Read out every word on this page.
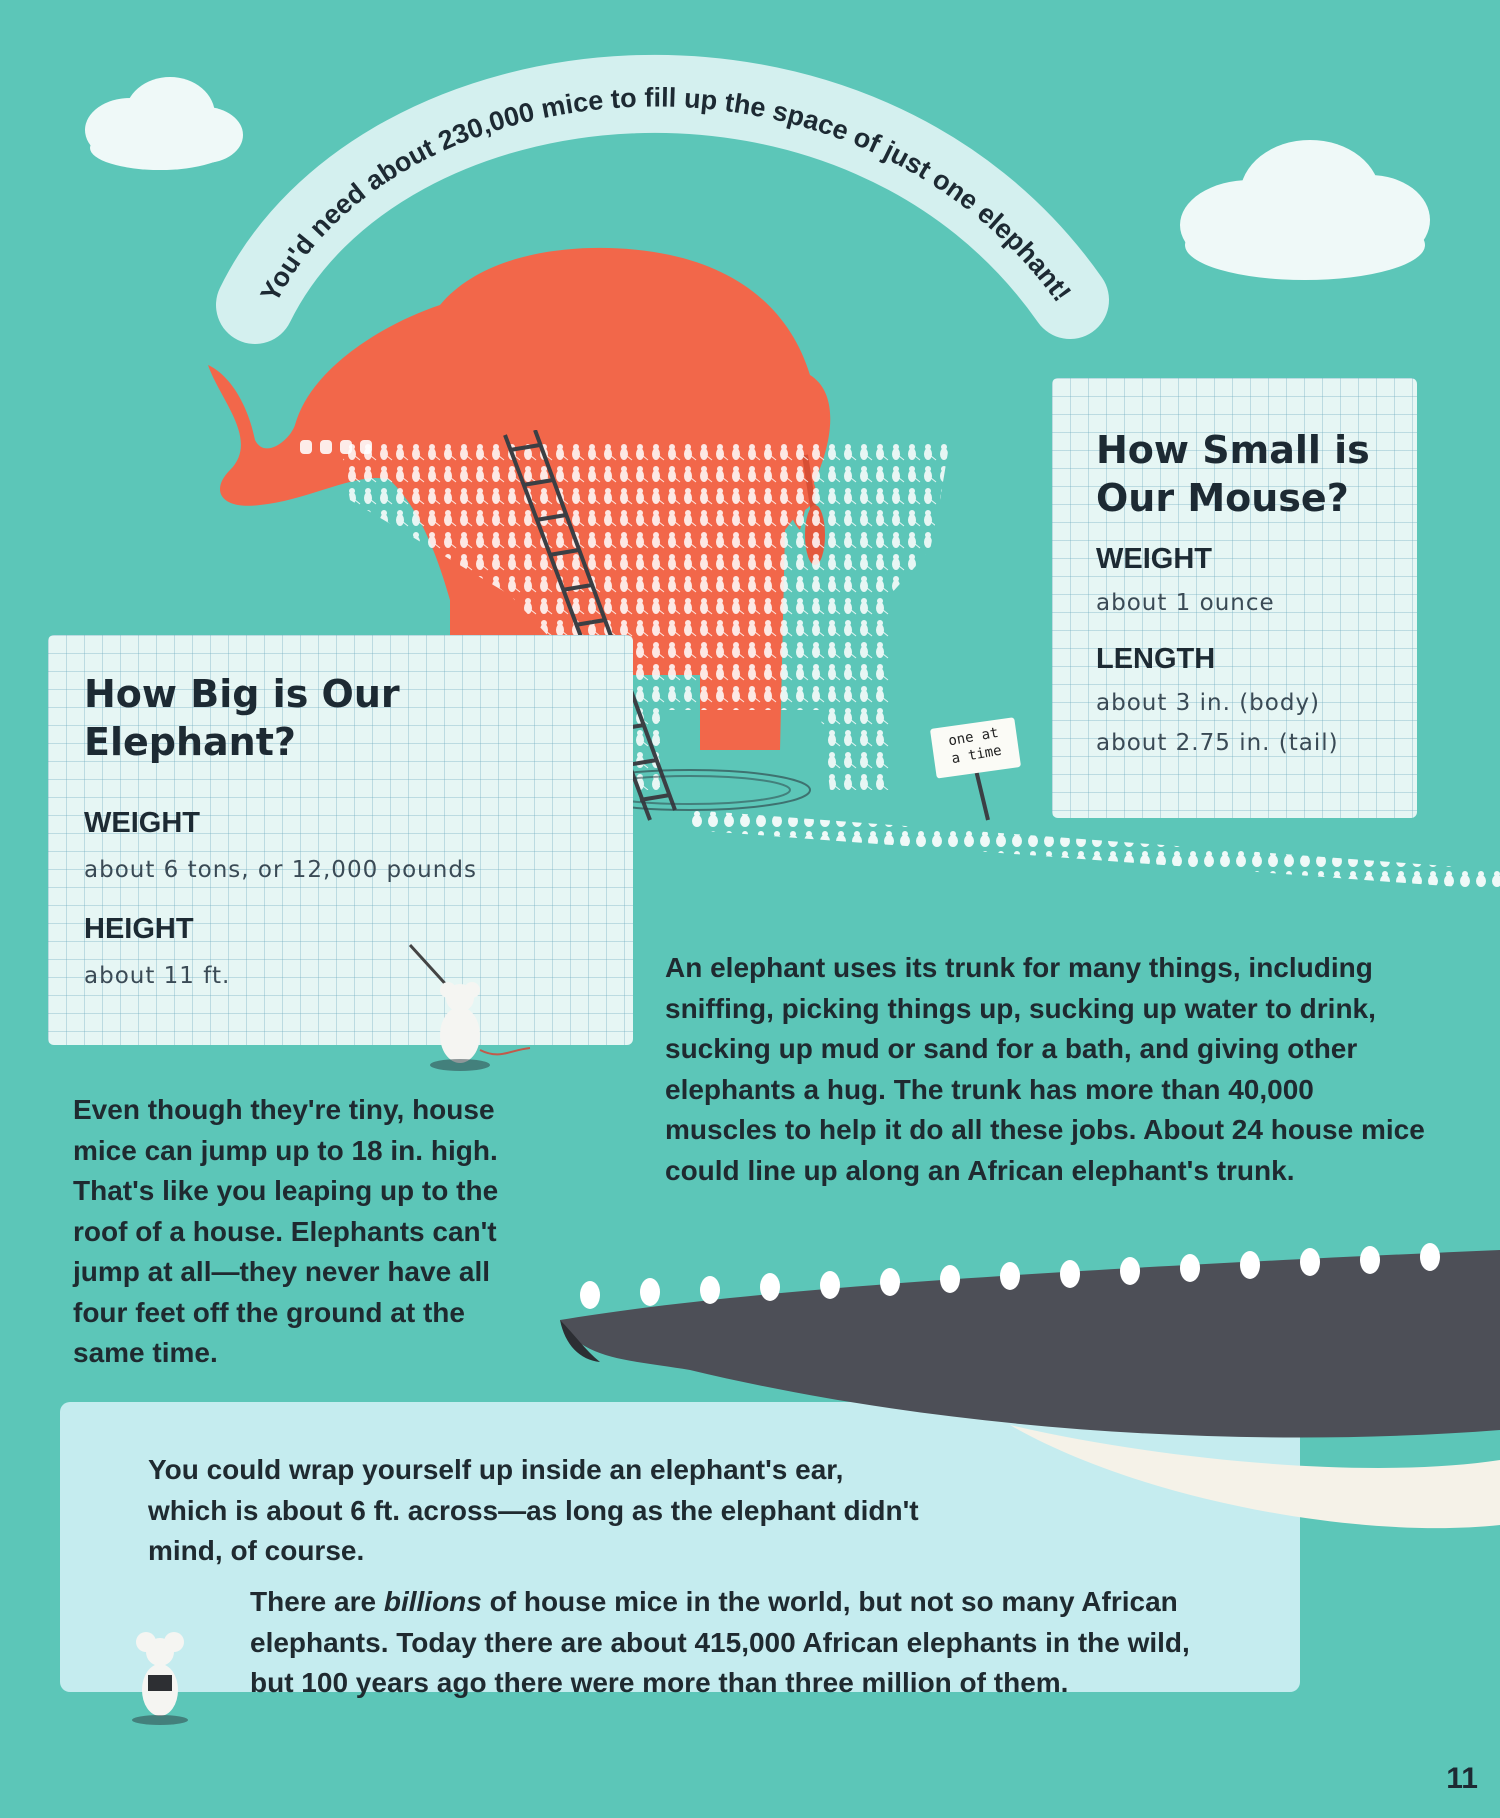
one at
a time
You'd need about 230,000 mice to fill up the space of just one elephant!
How Small is
Our Mouse?
WEIGHT
about 1 ounce
LENGTH
about 3 in. (body)
about 2.75 in. (tail)
How Big is Our
Elephant?
WEIGHT
about 6 tons, or 12,000 pounds
HEIGHT
about 11 ft.	An elephant uses its trunk for many things, including
sniffing, picking things up, sucking up water to drink,
sucking up mud or sand for a bath, and giving other
elephants a hug. The trunk has more than 40,000
muscles to help it do all these jobs. About 24 house mice
could line up along an African elephant's trunk.

Even though they're tiny, house
mice can jump up to 18 in. high.
That's like you leaping up to the
roof of a house. Elephants can't
jump at all—they never have all
four feet off the ground at the
same time.

You could wrap yourself up inside an elephant's ear,
which is about 6 ft. across—as long as the elephant didn't
mind, of course.

There are billions of house mice in the world, but not so many African
elephants. Today there are about 415,000 African elephants in the wild,
but 100 years ago there were more than three million of them.

11
